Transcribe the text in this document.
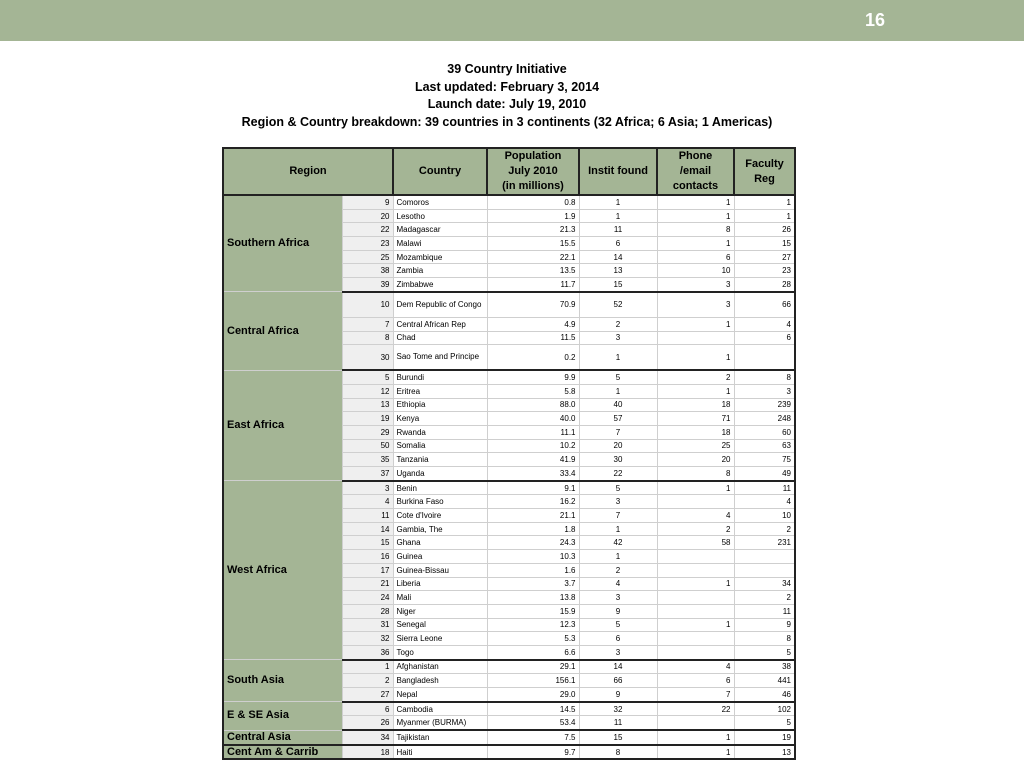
16
39 Country Initiative
Last updated: February 3, 2014
Launch date: July 19, 2010
Region & Country breakdown: 39 countries in 3 continents (32 Africa; 6 Asia; 1 Americas)
Region		Country	Population
July 2010
(in millions)	Instit found	Phone
/email
contacts	Faculty
Reg
Southern Africa	9	Comoros	0.8	1	1	1
	20	Lesotho	1.9	1	1	1
	22	Madagascar	21.3	11	8	26
	23	Malawi	15.5	6	1	15
	25	Mozambique	22.1	14	6	27
	38	Zambia	13.5	13	10	23
	39	Zimbabwe	11.7	15	3	28
Central Africa	10	Dem Republic of Congo	70.9	52	3	66
	7	Central African Rep	4.9	2	1	4
	8	Chad	11.5	3		6
	30	Sao Tome and Principe	0.2	1	1	
East Africa	5	Burundi	9.9	5	2	8
	12	Eritrea	5.8	1	1	3
	13	Ethiopia	88.0	40	18	239
	19	Kenya	40.0	57	71	248
	29	Rwanda	11.1	7	18	60
	50	Somalia	10.2	20	25	63
	35	Tanzania	41.9	30	20	75
	37	Uganda	33.4	22	8	49
West Africa	3	Benin	9.1	5	1	11
	4	Burkina Faso	16.2	3		4
	11	Cote d'Ivoire	21.1	7	4	10
	14	Gambia, The	1.8	1	2	2
	15	Ghana	24.3	42	58	231
	16	Guinea	10.3	1		
	17	Guinea-Bissau	1.6	2		
	21	Liberia	3.7	4	1	34
	24	Mali	13.8	3		2
	28	Niger	15.9	9		11
	31	Senegal	12.3	5	1	9
	32	Sierra Leone	5.3	6		8
	36	Togo	6.6	3		5
South Asia	1	Afghanistan	29.1	14	4	38
	2	Bangladesh	156.1	66	6	441
	27	Nepal	29.0	9	7	46
E & SE Asia	6	Cambodia	14.5	32	22	102
	26	Myanmer (BURMA)	53.4	11		5
Central Asia	34	Tajikistan	7.5	15	1	19
Cent Am & Carrib	18	Haiti	9.7	8	1	13
